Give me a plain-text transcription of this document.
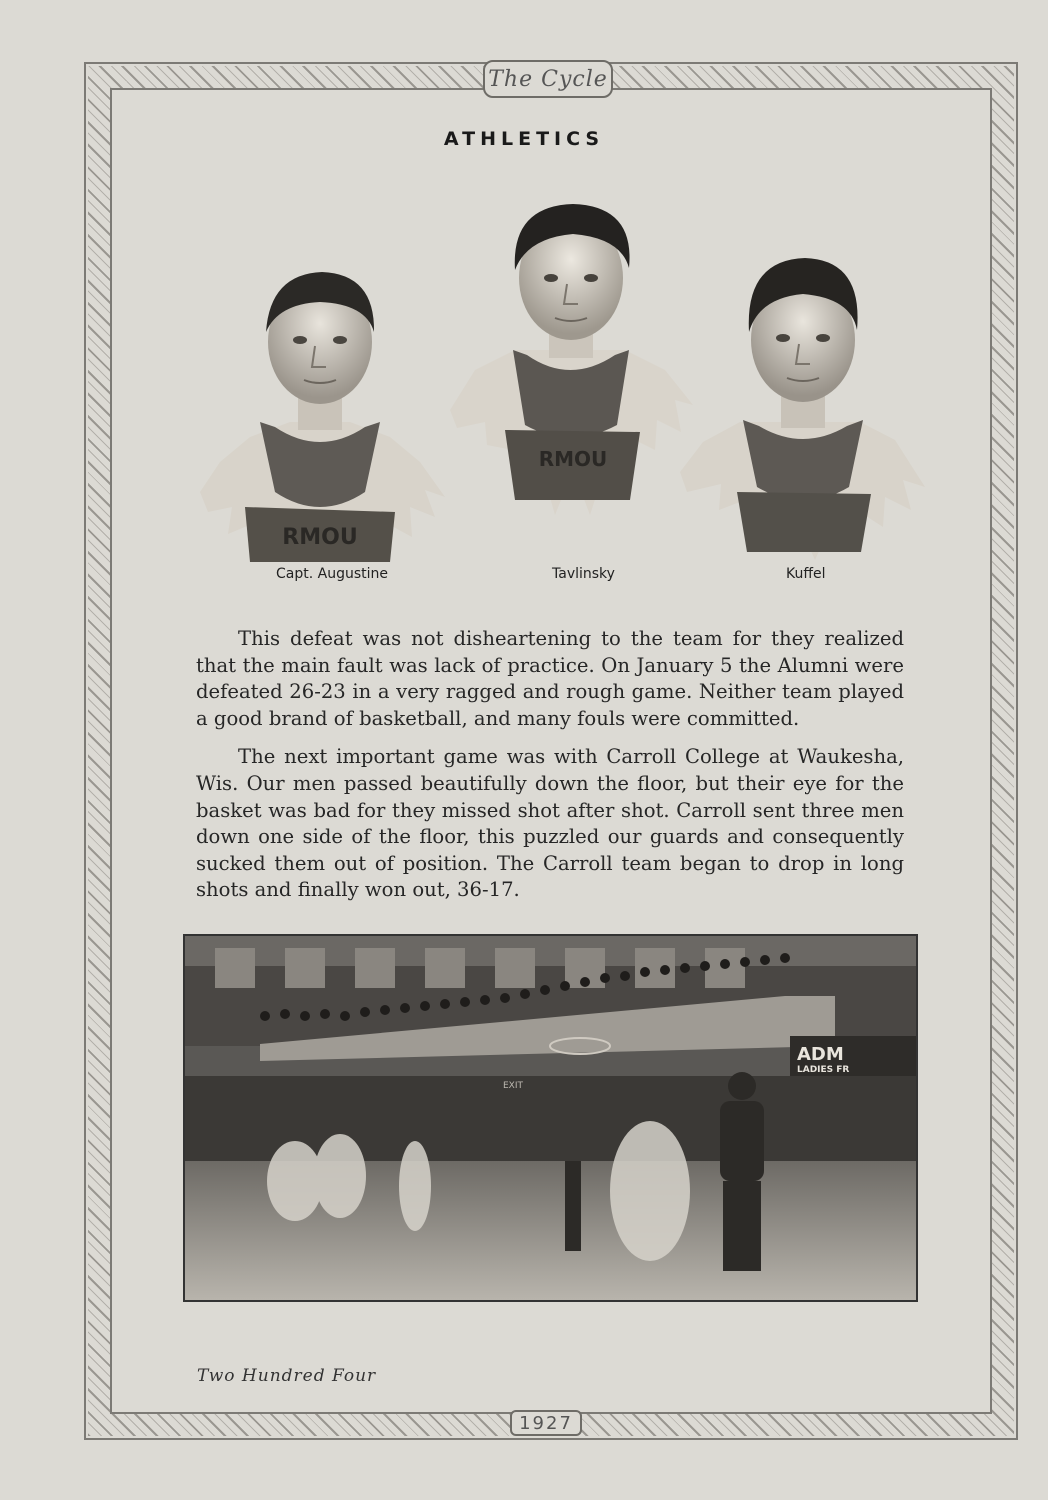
The Cycle
1927
ATHLETICS
RMOU
Capt. Augustine
RMOU
Tavlinsky	Kuffel

This defeat was not disheartening to the team for they realized that the main fault was lack of practice. On January 5 the Alumni were defeated 26-23 in a very ragged and rough game. Neither team played a good brand of basketball, and many fouls were committed.

The next important game was with Carroll College at Waukesha, Wis. Our men passed beautifully down the floor, but their eye for the basket was bad for they missed shot after shot. Carroll sent three men down one side of the floor, this puzzled our guards and consequently sucked them out of position. The Carroll team began to drop in long shots and finally won out, 36-17.

ADM
LADIES FR
EXIT
Two Hundred Four
